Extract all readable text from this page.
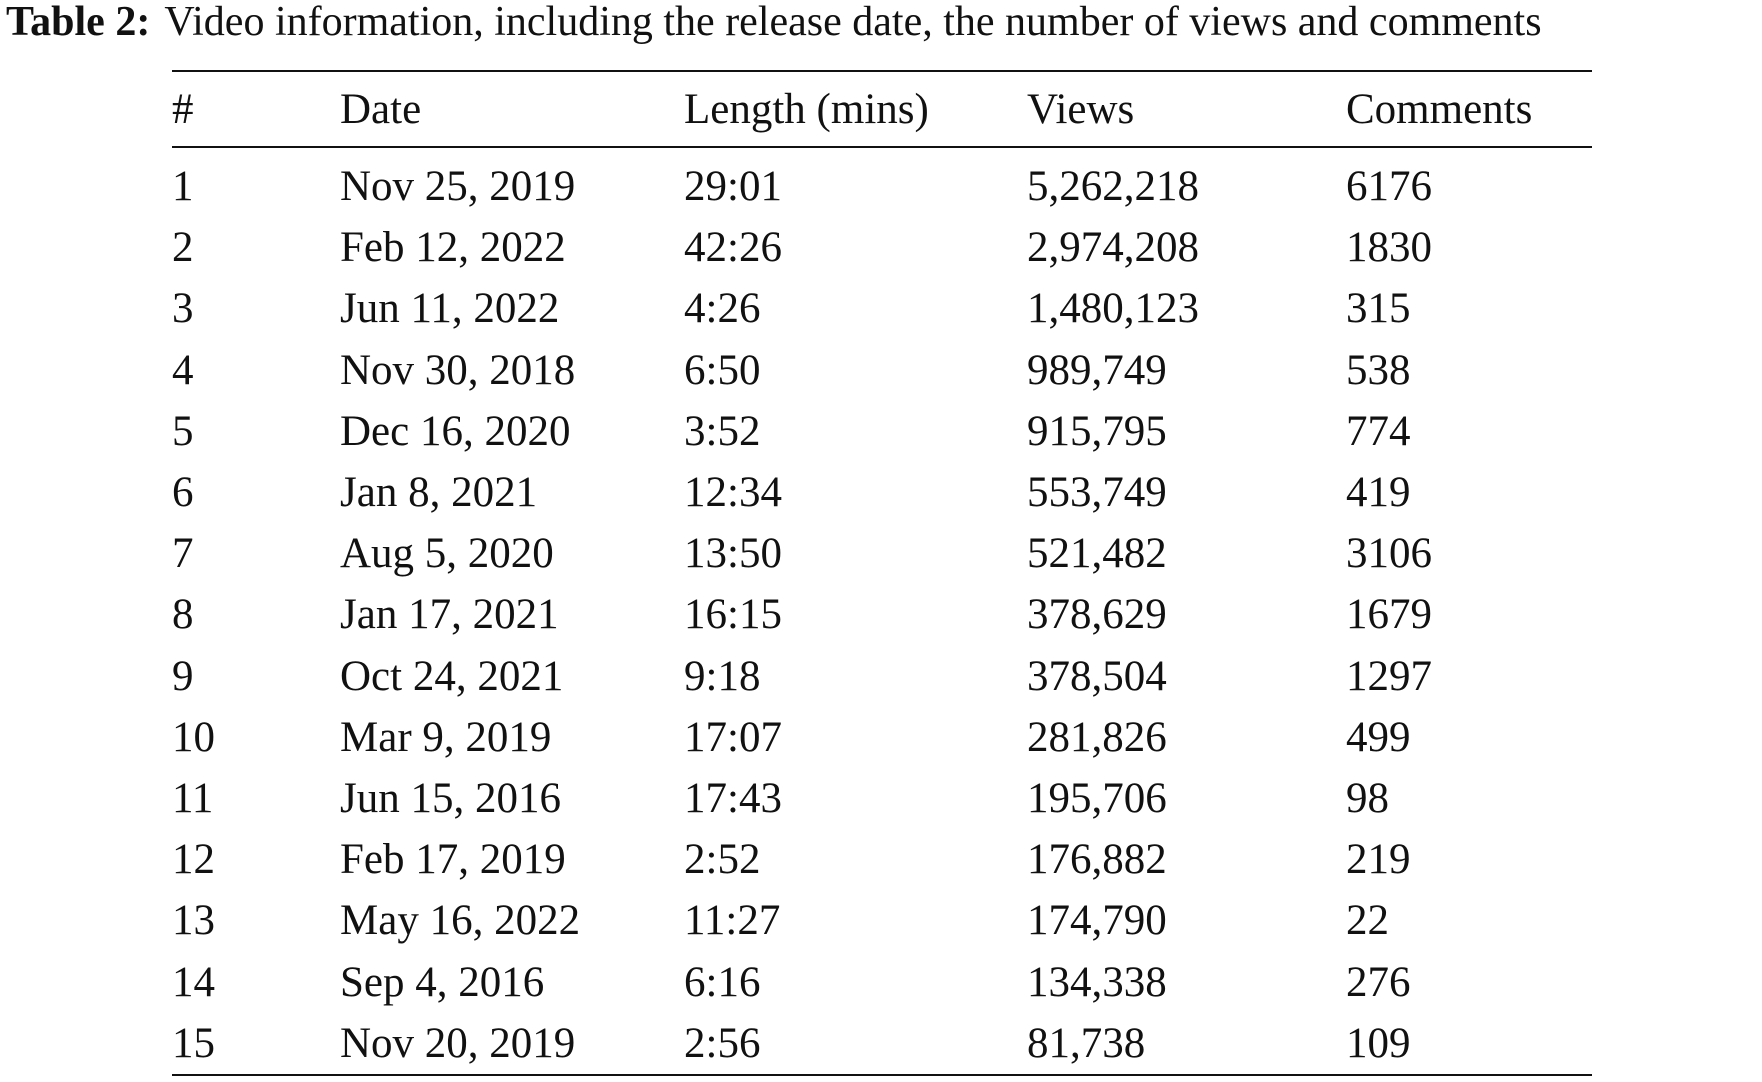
Table 2: Video information, including the release date, the number of views and comments
#	Date	Length (mins)	Views	Comments
1	Nov 25, 2019	29:01	5,262,218	6176
2	Feb 12, 2022	42:26	2,974,208	1830
3	Jun 11, 2022	4:26	1,480,123	315
4	Nov 30, 2018	6:50	989,749	538
5	Dec 16, 2020	3:52	915,795	774
6	Jan 8, 2021	12:34	553,749	419
7	Aug 5, 2020	13:50	521,482	3106
8	Jan 17, 2021	16:15	378,629	1679
9	Oct 24, 2021	9:18	378,504	1297
10	Mar 9, 2019	17:07	281,826	499
11	Jun 15, 2016	17:43	195,706	98
12	Feb 17, 2019	2:52	176,882	219
13	May 16, 2022	11:27	174,790	22
14	Sep 4, 2016	6:16	134,338	276
15	Nov 20, 2019	2:56	81,738	109
